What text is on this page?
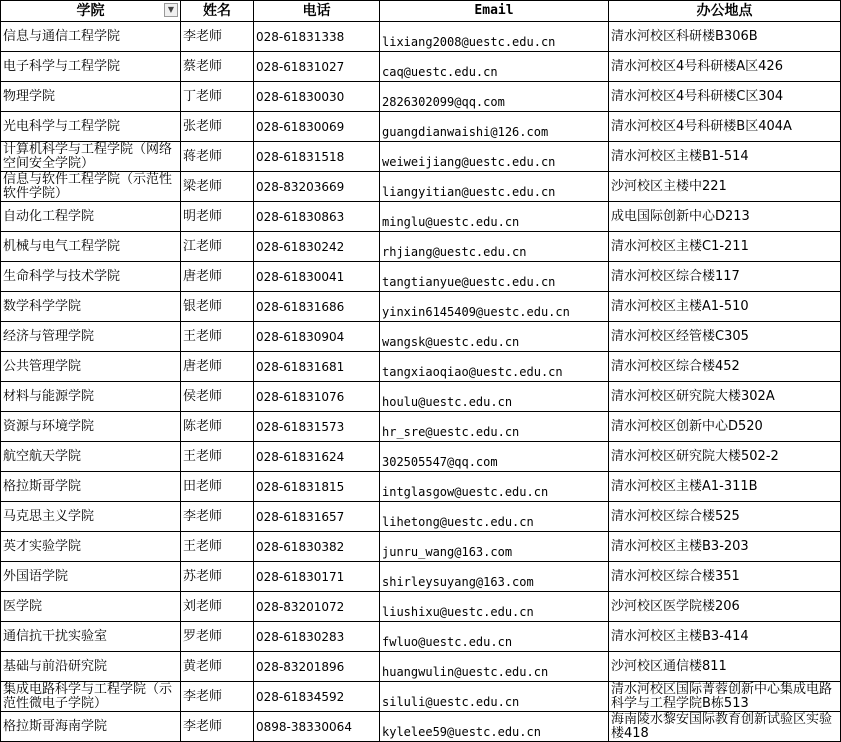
学院 ▼	姓名	电话	Email	办公地点
信息与通信工程学院	李老师	028-61831338	lixiang2008@uestc.edu.cn	清水河校区科研楼B306B
电子科学与工程学院	蔡老师	028-61831027	caq@uestc.edu.cn	清水河校区4号科研楼A区426
物理学院	丁老师	028-61830030	2826302099@qq.com	清水河校区4号科研楼C区304
光电科学与工程学院	张老师	028-61830069	guangdianwaishi@126.com	清水河校区4号科研楼B区404A
计算机科学与工程学院（网络空间安全学院）	蒋老师	028-61831518	weiweijiang@uestc.edu.cn	清水河校区主楼B1-514
信息与软件工程学院（示范性软件学院）	梁老师	028-83203669	liangyitian@uestc.edu.cn	沙河校区主楼中221
自动化工程学院	明老师	028-61830863	minglu@uestc.edu.cn	成电国际创新中心D213
机械与电气工程学院	江老师	028-61830242	rhjiang@uestc.edu.cn	清水河校区主楼C1-211
生命科学与技术学院	唐老师	028-61830041	tangtianyue@uestc.edu.cn	清水河校区综合楼117
数学科学学院	银老师	028-61831686	yinxin6145409@uestc.edu.cn	清水河校区主楼A1-510
经济与管理学院	王老师	028-61830904	wangsk@uestc.edu.cn	清水河校区经管楼C305
公共管理学院	唐老师	028-61831681	tangxiaoqiao@uestc.edu.cn	清水河校区综合楼452
材料与能源学院	侯老师	028-61831076	houlu@uestc.edu.cn	清水河校区研究院大楼302A
资源与环境学院	陈老师	028-61831573	hr_sre@uestc.edu.cn	清水河校区创新中心D520
航空航天学院	王老师	028-61831624	302505547@qq.com	清水河校区研究院大楼502-2
格拉斯哥学院	田老师	028-61831815	intglasgow@uestc.edu.cn	清水河校区主楼A1-311B
马克思主义学院	李老师	028-61831657	lihetong@uestc.edu.cn	清水河校区综合楼525
英才实验学院	王老师	028-61830382	junru_wang@163.com	清水河校区主楼B3-203
外国语学院	苏老师	028-61830171	shirleysuyang@163.com	清水河校区综合楼351
医学院	刘老师	028-83201072	liushixu@uestc.edu.cn	沙河校区医学院楼206
通信抗干扰实验室	罗老师	028-61830283	fwluo@uestc.edu.cn	清水河校区主楼B3-414
基础与前沿研究院	黄老师	028-83201896	huangwulin@uestc.edu.cn	沙河校区通信楼811
集成电路科学与工程学院（示范性微电子学院）	李老师	028-61834592	siluli@uestc.edu.cn	清水河校区国际菁蓉创新中心集成电路科学与工程学院B栋513
格拉斯哥海南学院	李老师	0898-38330064	kylelee59@uestc.edu.cn	海南陵水黎安国际教育创新试验区实验楼418
